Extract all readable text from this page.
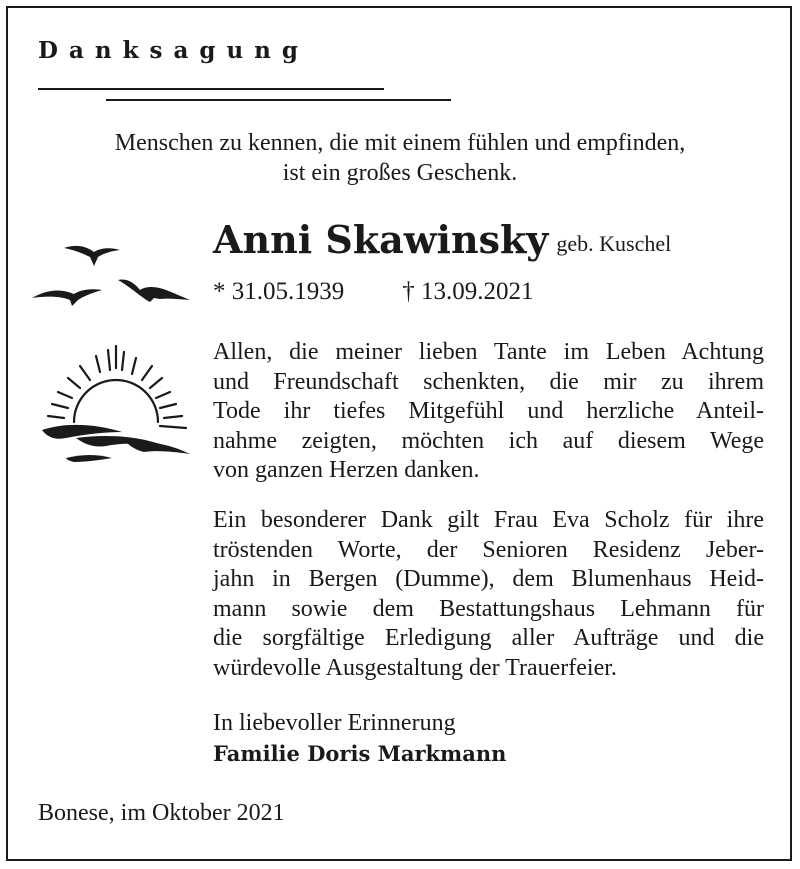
Danksagung
Menschen zu kennen, die mit einem fühlen und empfinden,
ist ein großes Geschenk.
Anni Skawinsky geb. Kuschel
* 31.05.1939 † 13.09.2021
Allen, die meiner lieben Tante im Leben Achtung
und Freundschaft schenkten, die mir zu ihrem
Tode ihr tiefes Mitgefühl und herzliche Anteil-
nahme zeigten, möchten ich auf diesem Wege
von ganzen Herzen danken.
Ein besonderer Dank gilt Frau Eva Scholz für ihre
tröstenden Worte, der Senioren Residenz Jeber-
jahn in Bergen (Dumme), dem Blumenhaus Heid-
mann sowie dem Bestattungshaus Lehmann für
die sorgfältige Erledigung aller Aufträge und die
würdevolle Ausgestaltung der Trauerfeier.
In liebevoller Erinnerung
Familie Doris Markmann
Bonese, im Oktober 2021
